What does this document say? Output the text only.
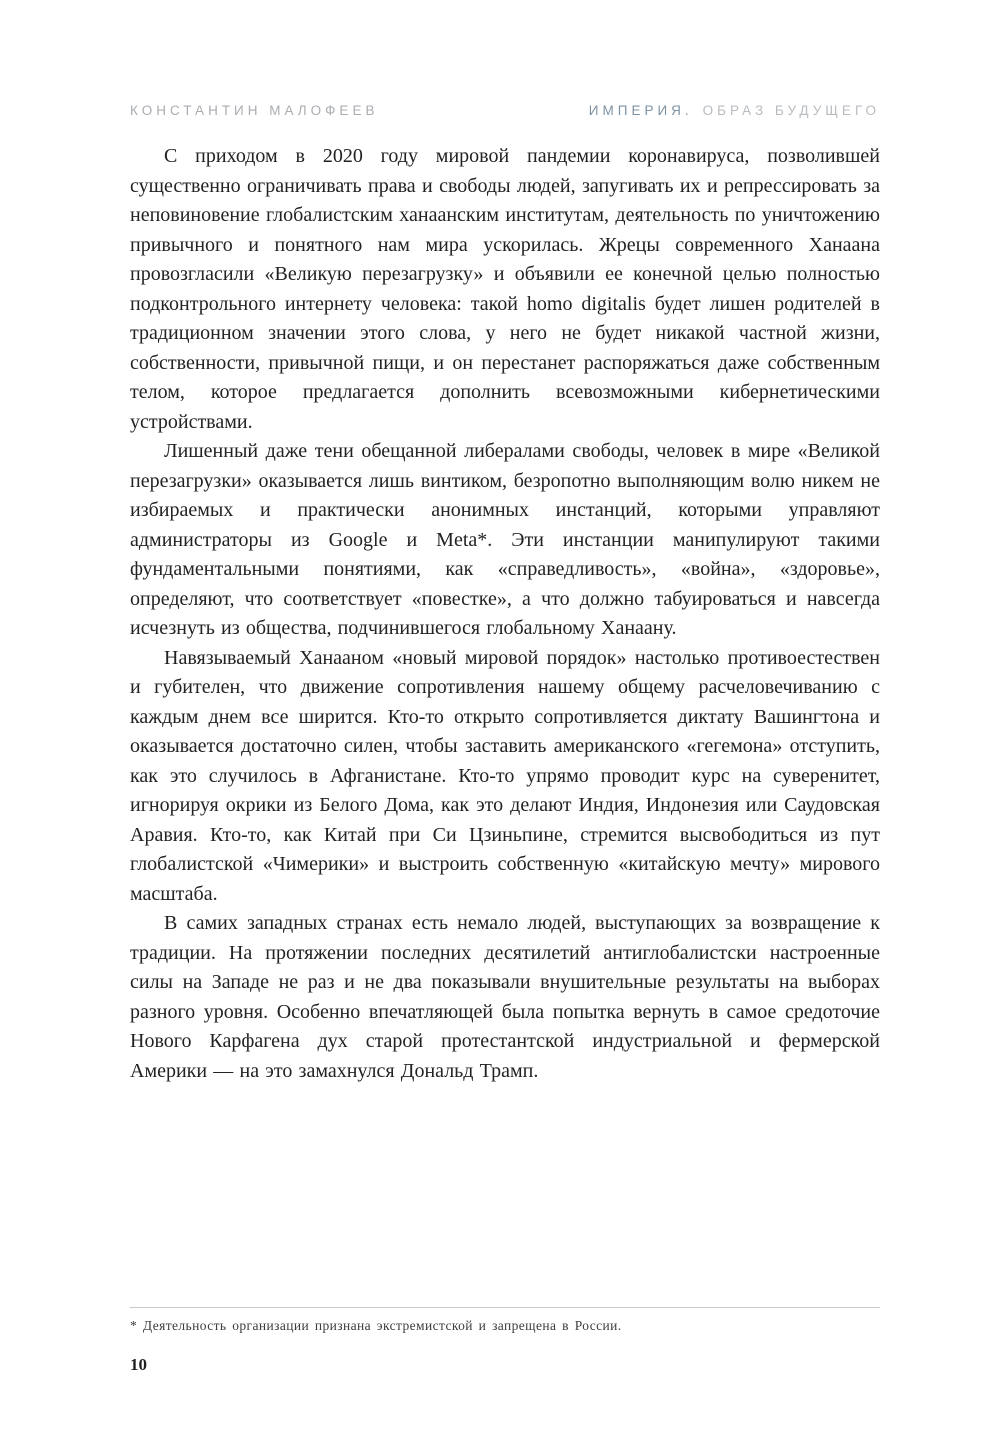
КОНСТАНТИН МАЛОФЕЕВ	ИМПЕРИЯ. ОБРАЗ БУДУЩЕГО

С приходом в 2020 году мировой пандемии коронавируса, позволившей существенно ограничивать права и свободы людей, запугивать их и репрессировать за неповиновение глобалистским ханаанским институтам, деятельность по уничтожению привычного и понятного нам мира ускорилась. Жрецы современного Ханаана провозгласили «Великую перезагрузку» и объявили ее конечной целью полностью подконтрольного интернету человека: такой homo digitalis будет лишен родителей в традиционном значении этого слова, у него не будет никакой частной жизни, собственности, привычной пищи, и он перестанет распоряжаться даже собственным телом, которое предлагается дополнить всевозможными кибернетическими устройствами.

Лишенный даже тени обещанной либералами свободы, человек в мире «Великой перезагрузки» оказывается лишь винтиком, безропотно выполняющим волю никем не избираемых и практически анонимных инстанций, которыми управляют администраторы из Google и Meta*. Эти инстанции манипулируют такими фундаментальными понятиями, как «справедливость», «война», «здоровье», определяют, что соответствует «повестке», а что должно табуироваться и навсегда исчезнуть из общества, подчинившегося глобальному Ханаану.

Навязываемый Ханааном «новый мировой порядок» настолько противоестествен и губителен, что движение сопротивления нашему общему расчеловечиванию с каждым днем все ширится. Кто-то открыто сопротивляется диктату Вашингтона и оказывается достаточно силен, чтобы заставить американского «гегемона» отступить, как это случилось в Афганистане. Кто-то упрямо проводит курс на суверенитет, игнорируя окрики из Белого Дома, как это делают Индия, Индонезия или Саудовская Аравия. Кто-то, как Китай при Си Цзиньпине, стремится высвободиться из пут глобалистской «Чимерики» и выстроить собственную «китайскую мечту» мирового масштаба.

В самих западных странах есть немало людей, выступающих за возвращение к традиции. На протяжении последних десятилетий антиглобалистски настроенные силы на Западе не раз и не два показывали внушительные результаты на выборах разного уровня. Особенно впечатляющей была попытка вернуть в самое средоточие Нового Карфагена дух старой протестантской индустриальной и фермерской Америки — на это замахнулся Дональд Трамп.

* Деятельность организации признана экстремистской и запрещена в России.

10
